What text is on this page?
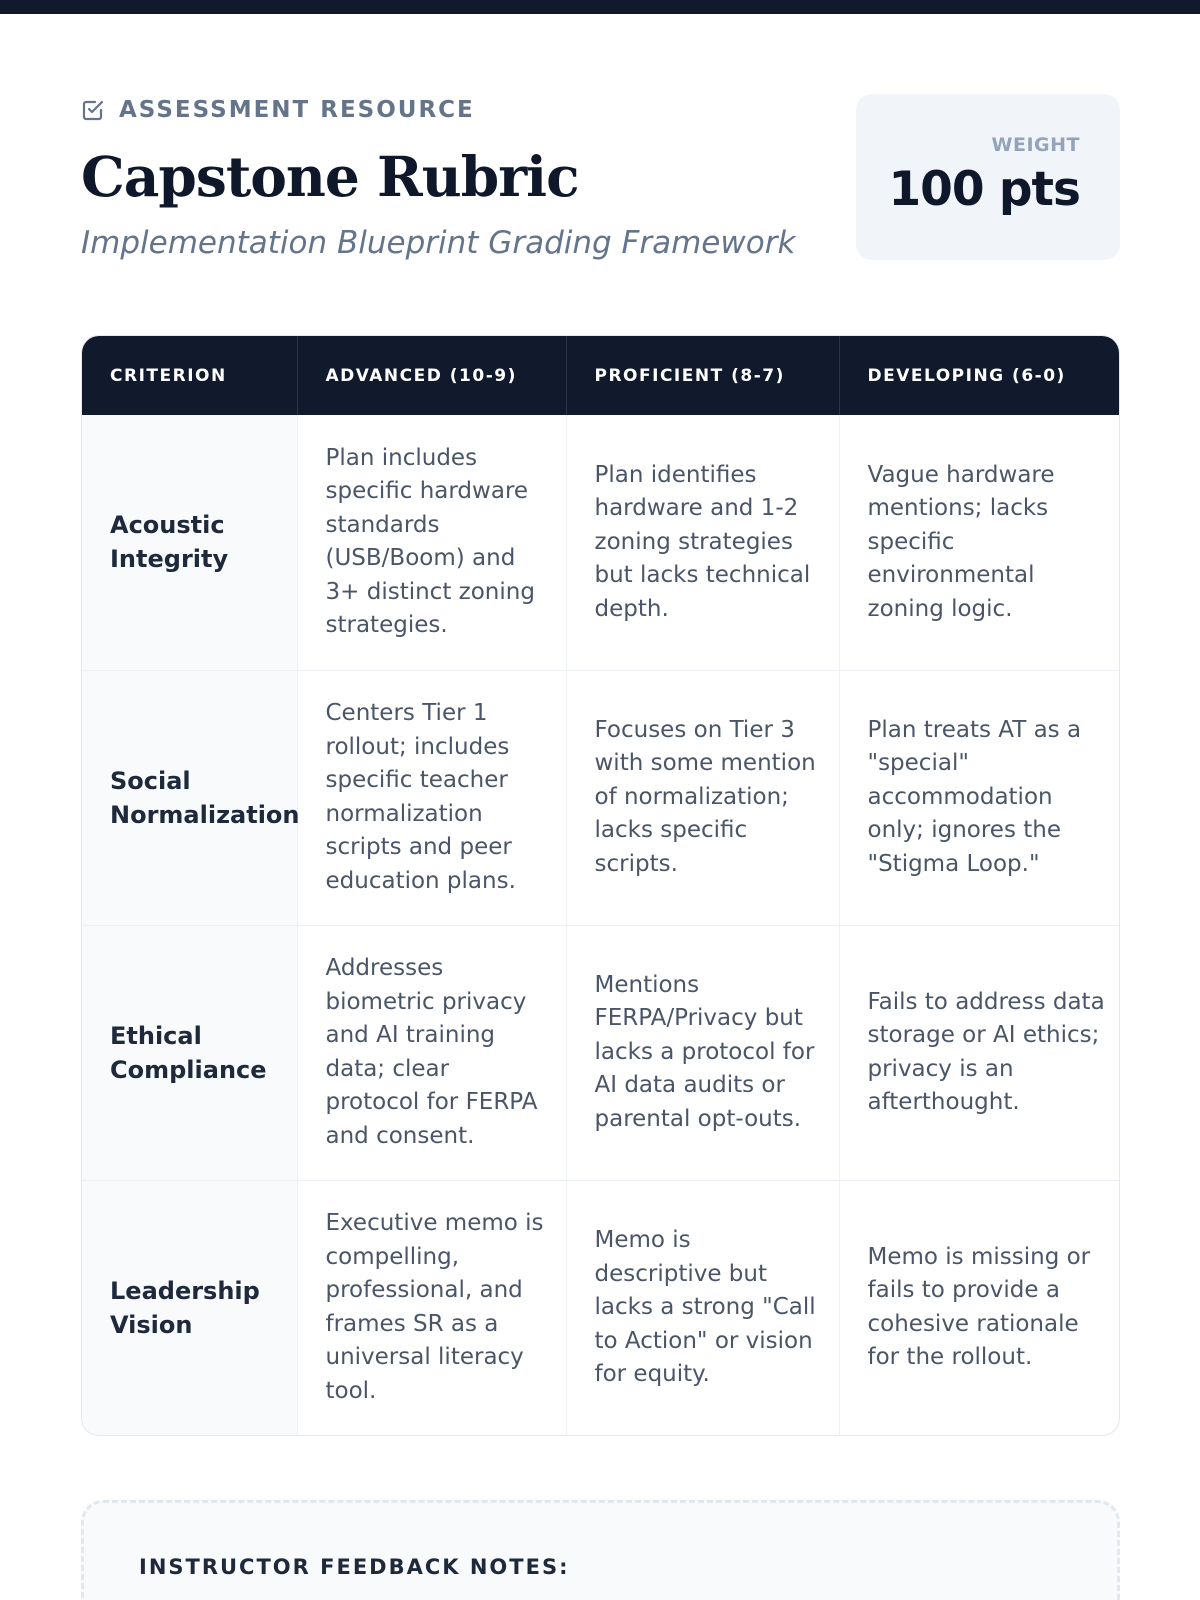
ASSESSMENT RESOURCE
Capstone Rubric
Implementation Blueprint Grading Framework
WEIGHT
100 pts
CRITERION	ADVANCED (10-9)	PROFICIENT (8-7)	DEVELOPING (6-0)
Acoustic Integrity	Plan includes specific hardware standards (USB/Boom) and 3+ distinct zoning strategies.	Plan identifies hardware and 1-2 zoning strategies but lacks technical depth.	Vague hardware mentions; lacks specific environmental zoning logic.
Social Normalization	Centers Tier 1 rollout; includes specific teacher normalization scripts and peer education plans.	Focuses on Tier 3 with some mention of normalization; lacks specific scripts.	Plan treats AT as a "special" accommodation only; ignores the "Stigma Loop."
Ethical Compliance	Addresses biometric privacy and AI training data; clear protocol for FERPA and consent.	Mentions FERPA/Privacy but lacks a protocol for AI data audits or parental opt-outs.	Fails to address data storage or AI ethics; privacy is an afterthought.
Leadership Vision	Executive memo is compelling, professional, and frames SR as a universal literacy tool.	Memo is descriptive but lacks a strong "Call to Action" or vision for equity.	Memo is missing or fails to provide a cohesive rationale for the rollout.
INSTRUCTOR FEEDBACK NOTES:
